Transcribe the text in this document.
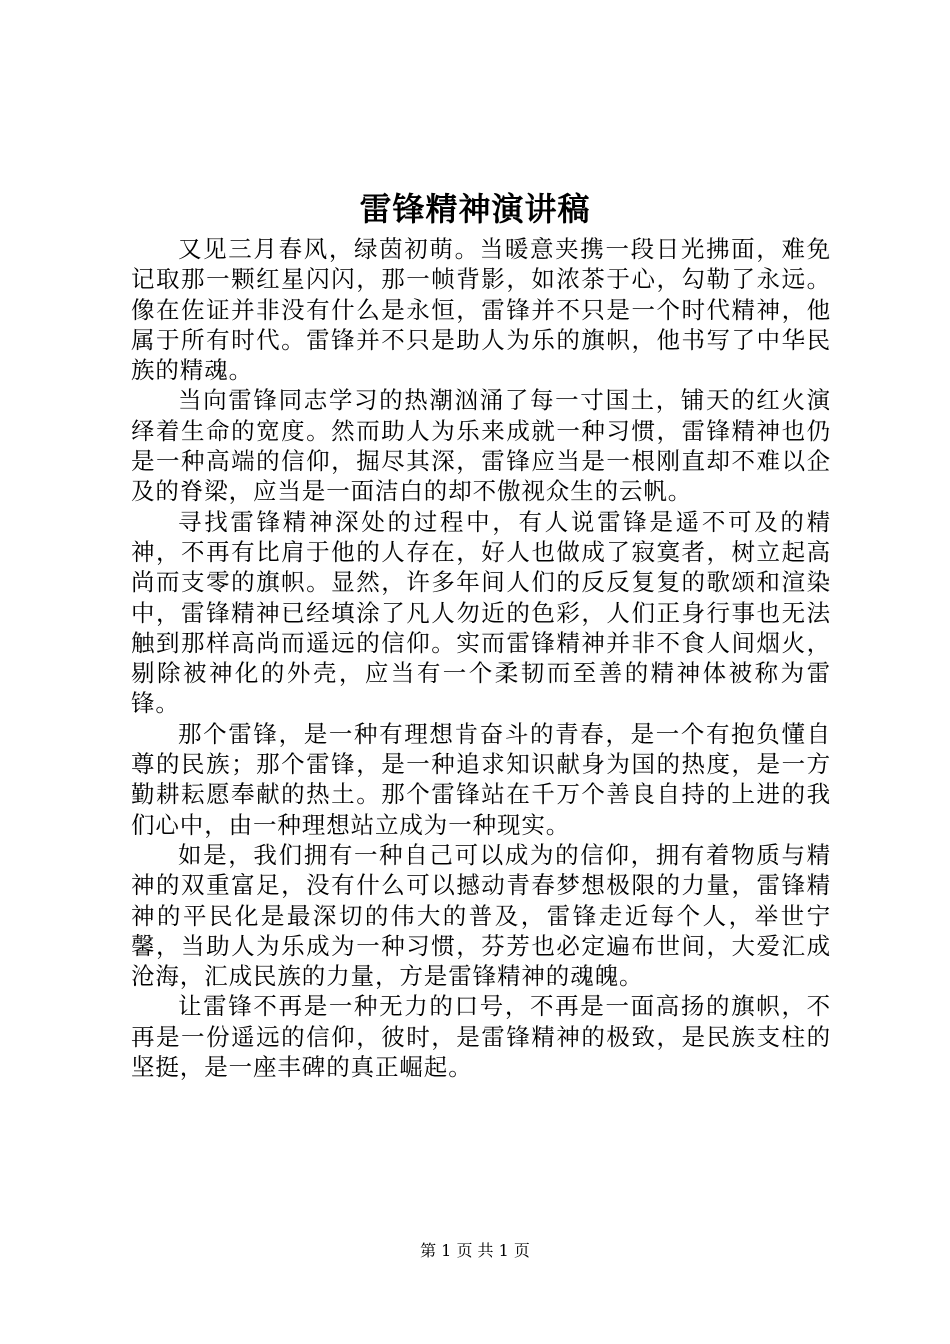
雷锋精神演讲稿

又见三月春风，绿茵初萌。当暖意夹携一段日光拂面，难免记取那一颗红星闪闪，那一帧背影，如浓茶于心，勾勒了永远。像在佐证并非没有什么是永恒，雷锋并不只是一个时代精神，他属于所有时代。雷锋并不只是助人为乐的旗帜，他书写了中华民族的精魂。

当向雷锋同志学习的热潮汹涌了每一寸国土，铺天的红火演绎着生命的宽度。然而助人为乐来成就一种习惯，雷锋精神也仍是一种高端的信仰，掘尽其深，雷锋应当是一根刚直却不难以企及的脊梁，应当是一面洁白的却不傲视众生的云帆。

寻找雷锋精神深处的过程中，有人说雷锋是遥不可及的精神，不再有比肩于他的人存在，好人也做成了寂寞者，树立起高尚而支零的旗帜。显然，许多年间人们的反反复复的歌颂和渲染中，雷锋精神已经填涂了凡人勿近的色彩，人们正身行事也无法触到那样高尚而遥远的信仰。实而雷锋精神并非不食人间烟火，剔除被神化的外壳，应当有一个柔韧而至善的精神体被称为雷锋。

那个雷锋，是一种有理想肯奋斗的青春，是一个有抱负懂自尊的民族；那个雷锋，是一种追求知识献身为国的热度，是一方勤耕耘愿奉献的热土。那个雷锋站在千万个善良自持的上进的我们心中，由一种理想站立成为一种现实。

如是，我们拥有一种自己可以成为的信仰，拥有着物质与精神的双重富足，没有什么可以撼动青春梦想极限的力量，雷锋精神的平民化是最深切的伟大的普及，雷锋走近每个人，举世宁馨，当助人为乐成为一种习惯，芬芳也必定遍布世间，大爱汇成沧海，汇成民族的力量，方是雷锋精神的魂魄。

让雷锋不再是一种无力的口号，不再是一面高扬的旗帜，不再是一份遥远的信仰，彼时，是雷锋精神的极致，是民族支柱的坚挺，是一座丰碑的真正崛起。

第 1 页 共 1 页
